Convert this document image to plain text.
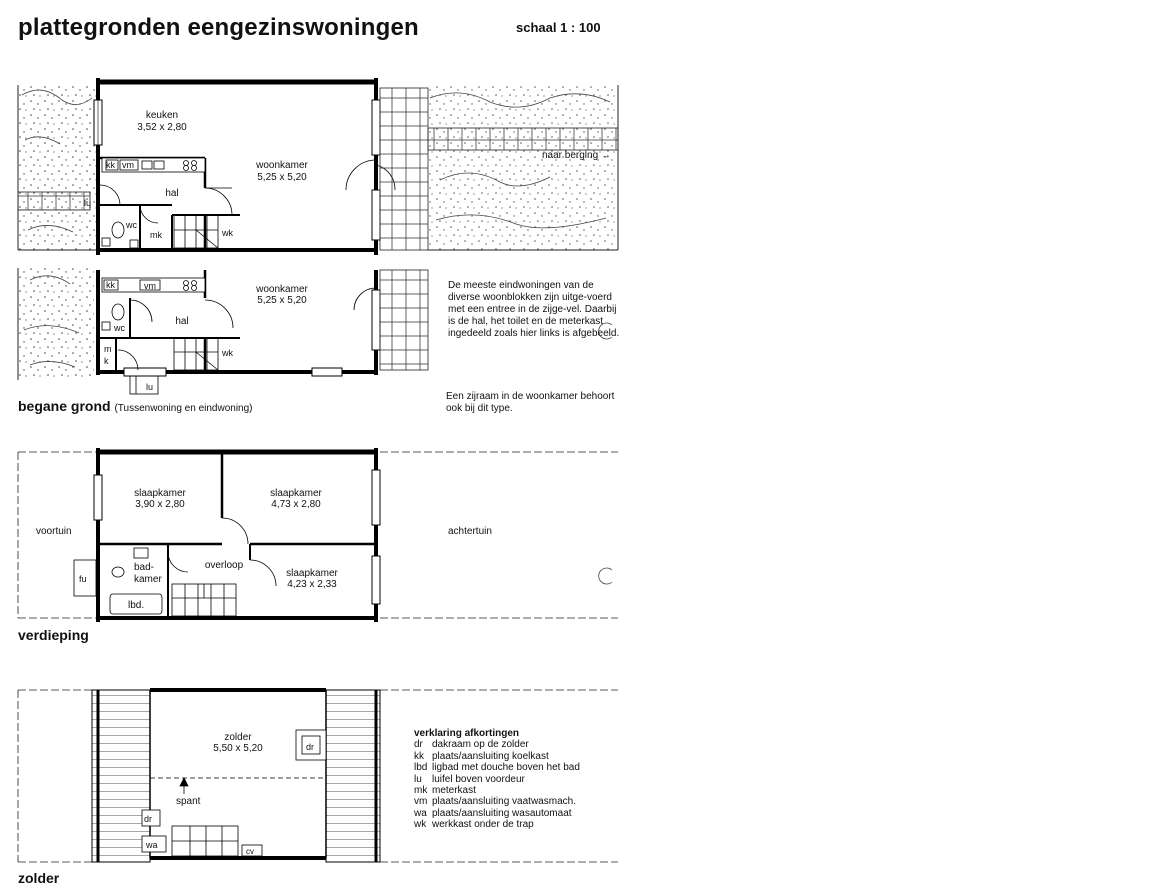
plattegronden eengezinswoningen	schaal 1 : 100
keuken
3,52 x 2,80
woonkamer
5,25 x 5,20
hal
kk vm
lu
wc
mk	wk
naar berging →
woonkamer
5,25 x 5,20
hal
kk	vm
wc
m
k
wk
lu
slaapkamer
3,90 x 2,80
slaapkamer
4,73 x 2,80
slaapkamer
4,23 x 2,33
overloop
bad-
kamer
lbd.
fu
voortuin	achtertuin
zolder
5,50 x 5,20	dr
spant
dr
wa
cv
begane grond (Tussenwoning en eindwoning)
verdieping
zolder
De meeste eindwoningen van de diverse woonblokken zijn uitge-voerd met een entree in de zijge-vel. Daarbij is de hal, het toilet en de meterkast ingedeeld zoals hier links is afgebeeld.
Een zijraam in de woonkamer behoort ook bij dit type.
verklaring afkortingen
dr dakraam op de zolder
kk plaats/aansluiting koelkast
lbd ligbad met douche boven het bad
lu	luifel boven voordeur
mk meterkast
vm plaats/aansluiting vaatwasmach.
wa plaats/aansluiting wasautomaat
wk werkkast onder de trap
